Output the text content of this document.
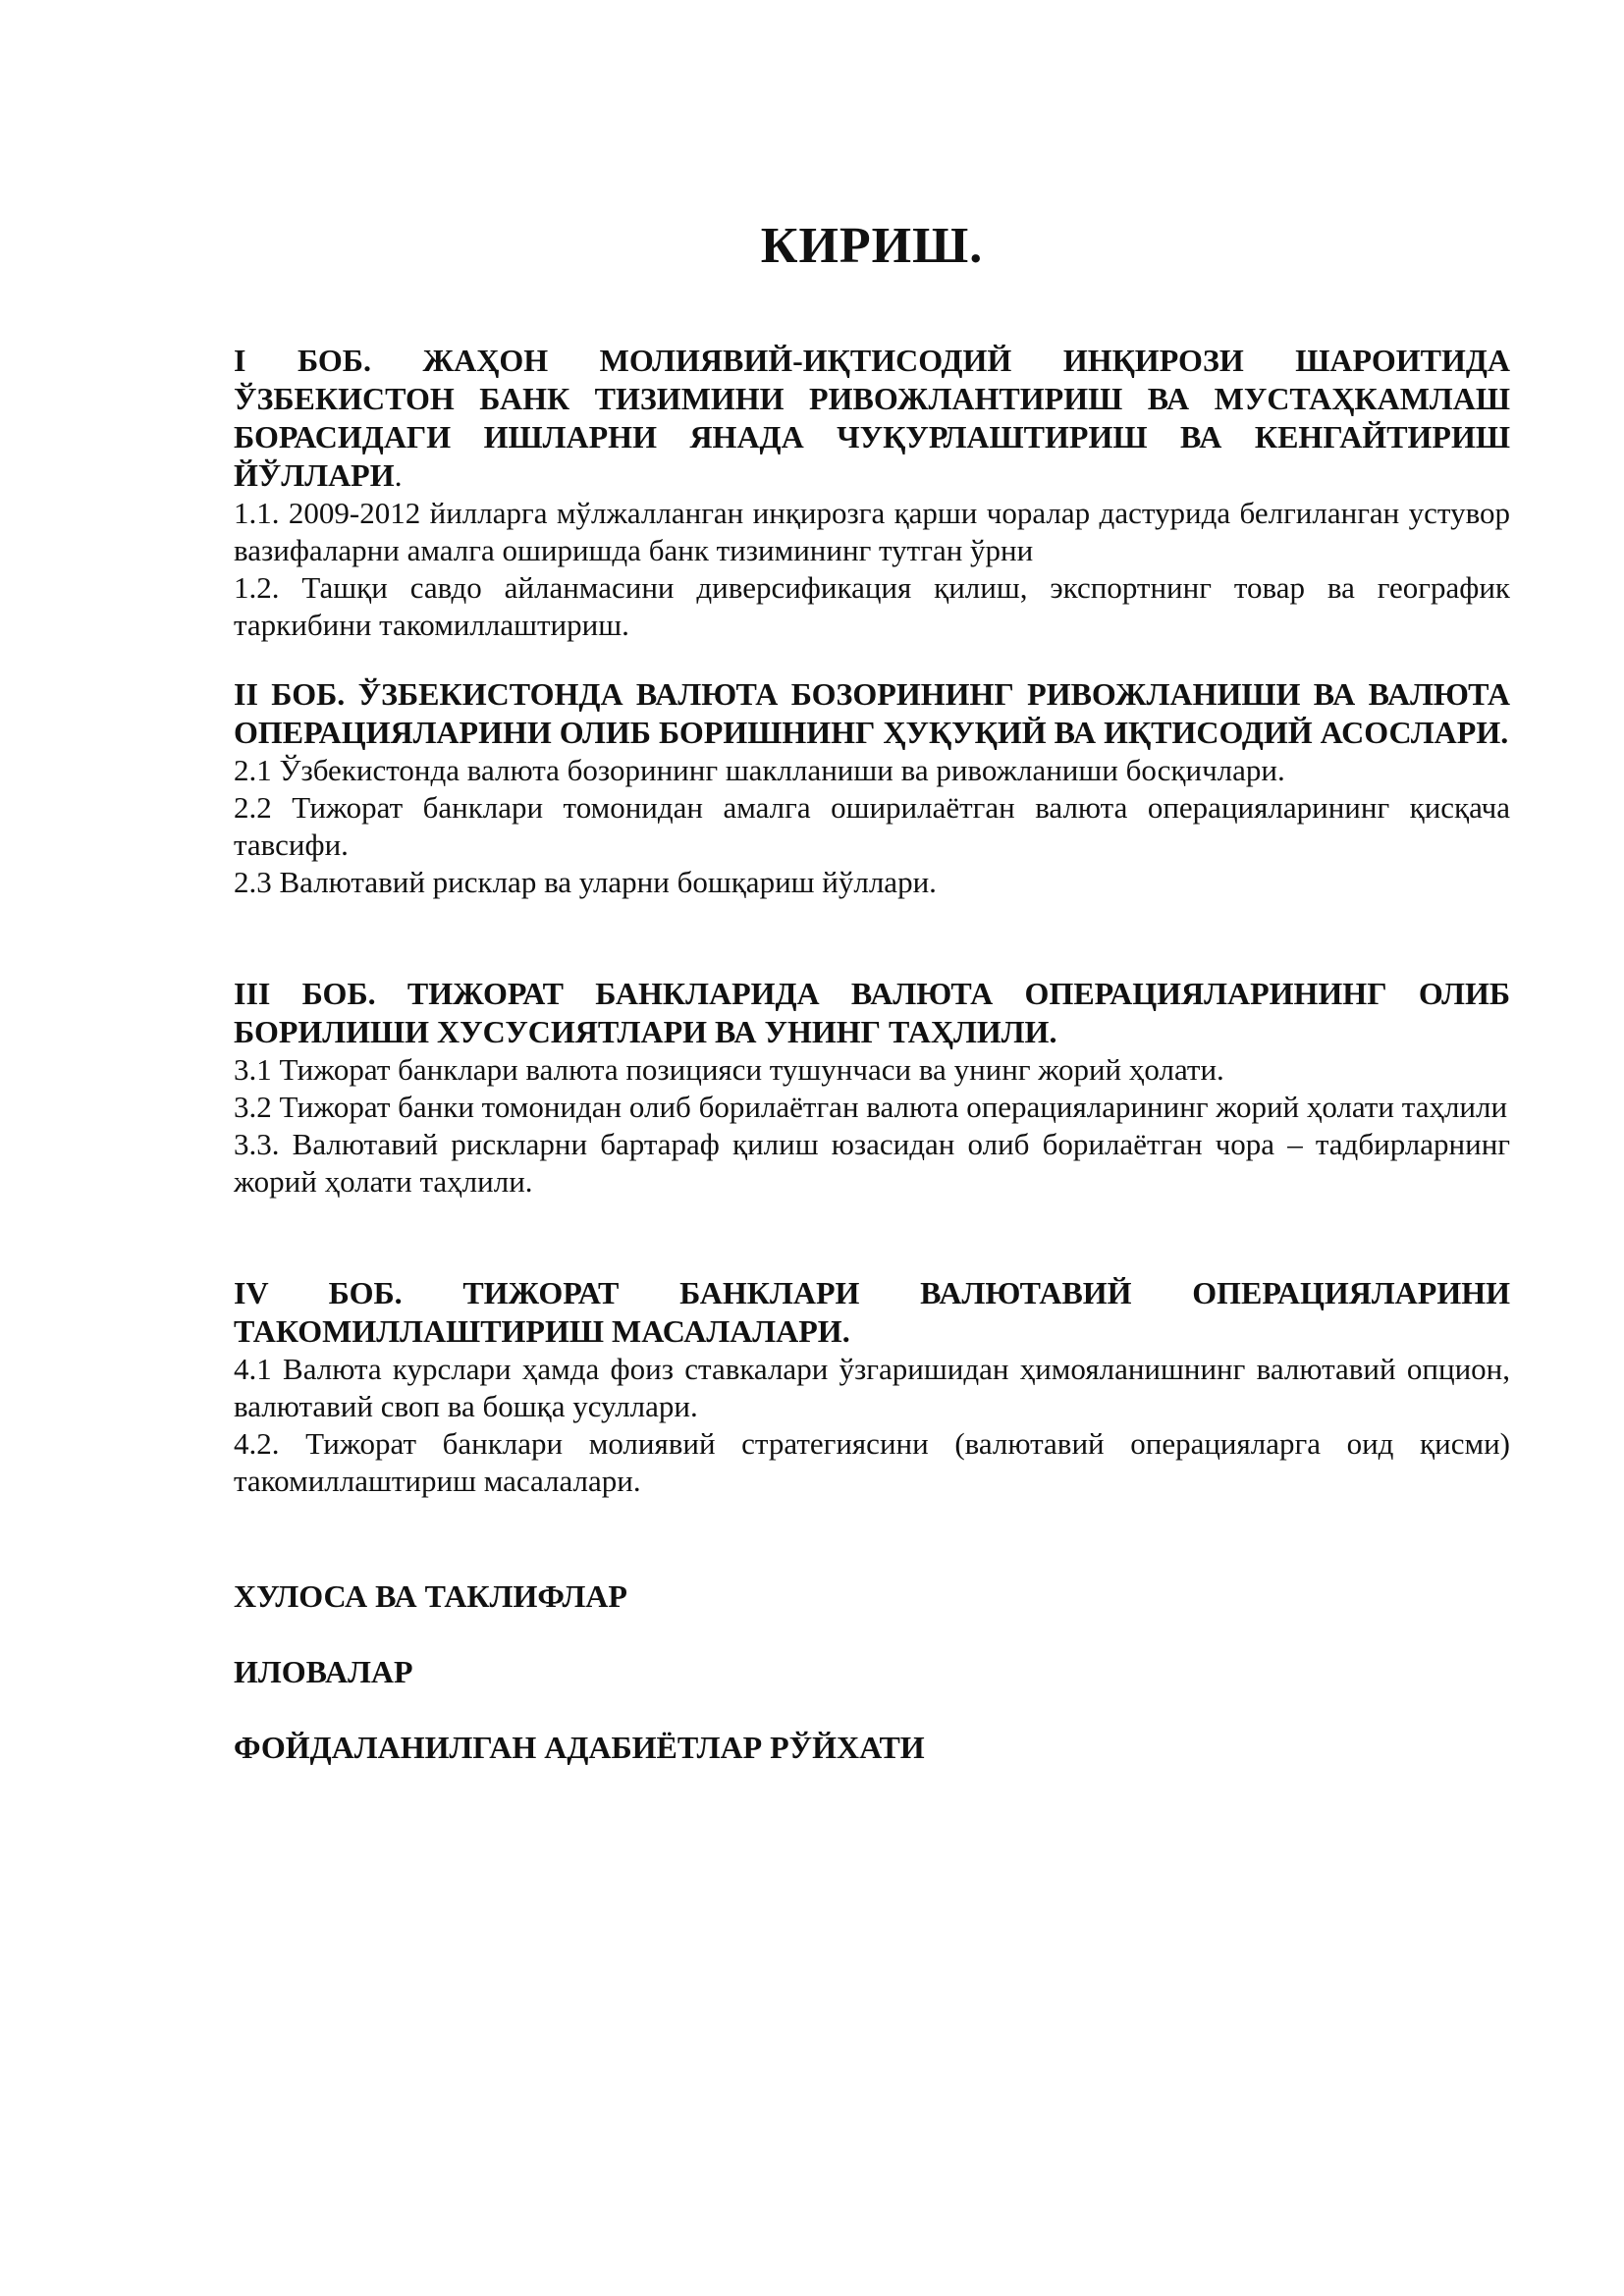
КИРИШ.

I БОБ. ЖАҲОН МОЛИЯВИЙ-ИҚТИСОДИЙ ИНҚИРОЗИ ШАРОИТИДА ЎЗБЕКИСТОН БАНК ТИЗИМИНИ РИВОЖЛАНТИРИШ ВА МУСТАҲКАМЛАШ БОРАСИДАГИ ИШЛАРНИ ЯНАДА ЧУҚУРЛАШТИРИШ ВА КЕНГАЙТИРИШ ЙЎЛЛАРИ.

1.1. 2009-2012 йилларга мўлжалланган инқирозга қарши чоралар дастурида белгиланган устувор вазифаларни амалга оширишда банк тизимининг тутган ўрни

1.2. Ташқи савдо айланмасини диверсификация қилиш, экспортнинг товар ва географик таркибини такомиллаштириш.

II БОБ. ЎЗБЕКИСТОНДА ВАЛЮТА БОЗОРИНИНГ РИВОЖЛАНИШИ ВА ВАЛЮТА ОПЕРАЦИЯЛАРИНИ ОЛИБ БОРИШНИНГ ҲУҚУҚИЙ ВА ИҚТИСОДИЙ АСОСЛАРИ.

2.1 Ўзбекистонда валюта бозорининг шаклланиши ва ривожланиши босқичлари.

2.2 Тижорат банклари томонидан амалга оширилаётган валюта операцияларининг қисқача тавсифи.

2.3 Валютавий рисклар ва уларни бошқариш йўллари.

III БОБ. ТИЖОРАТ БАНКЛАРИДА ВАЛЮТА ОПЕРАЦИЯЛАРИНИНГ ОЛИБ БОРИЛИШИ ХУСУСИЯТЛАРИ ВА УНИНГ ТАҲЛИЛИ.

3.1 Тижорат банклари валюта позицияси тушунчаси ва унинг жорий ҳолати.

3.2 Тижорат банки томонидан олиб борилаётган валюта операцияларининг жорий ҳолати таҳлили

3.3. Валютавий рискларни бартараф қилиш юзасидан олиб борилаётган чора – тадбирларнинг жорий ҳолати таҳлили.

IV БОБ. ТИЖОРАТ БАНКЛАРИ ВАЛЮТАВИЙ ОПЕРАЦИЯЛАРИНИ ТАКОМИЛЛАШТИРИШ МАСАЛАЛАРИ.

4.1 Валюта курслари ҳамда фоиз ставкалари ўзгаришидан ҳимояланишнинг валютавий опцион, валютавий своп ва бошқа усуллари.

4.2. Тижорат банклари молиявий стратегиясини (валютавий операцияларга оид қисми) такомиллаштириш масалалари.

ХУЛОСА ВА ТАКЛИФЛАР

ИЛОВАЛАР

ФОЙДАЛАНИЛГАН АДАБИЁТЛАР РЎЙХАТИ
